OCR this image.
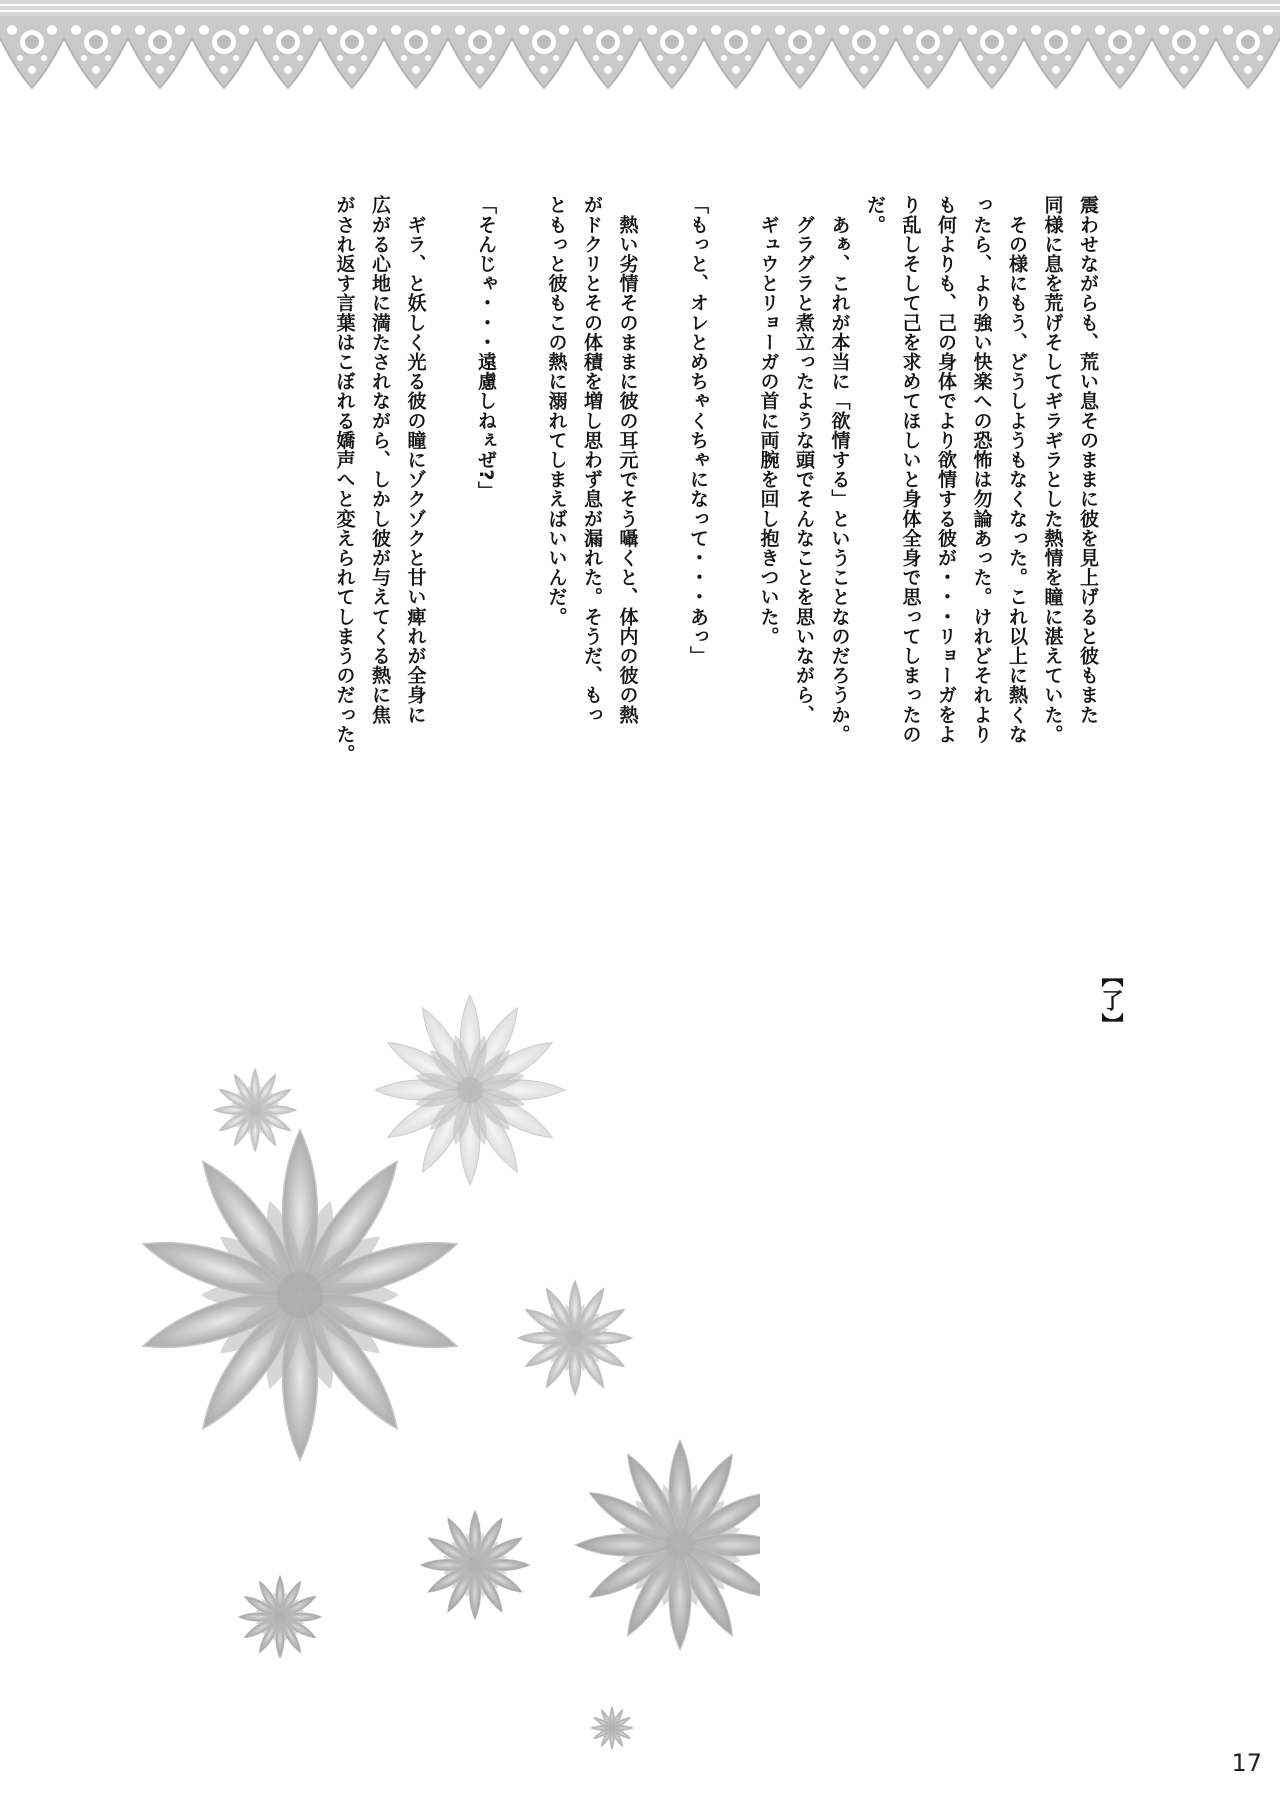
震わせながらも、荒い息そのままに彼を見上げると彼もまた
同様に息を荒げそしてギラギラとした熱情を瞳に湛えていた。
　その様にもう、どうしようもなくなった。これ以上に熱くな
ったら、より強い快楽への恐怖は勿論あった。けれどそれより
も何よりも、己の身体でより欲情する彼が・・・リョーガをよ
り乱しそして己を求めてほしいと身体全身で思ってしまったの
だ。

　あぁ、これが本当に「欲情する」ということなのだろうか。
　グラグラと煮立ったような頭でそんなことを思いながら、
　ギュウとリョーガの首に両腕を回し抱きついた。

「もっと、オレとめちゃくちゃになって・・・あっ」

　熱い劣情そのままに彼の耳元でそう囁くと、体内の彼の熱
がドクリとその体積を増し思わず息が漏れた。そうだ、もっ
ともっと彼もこの熱に溺れてしまえばいいんだ。

「そんじゃ・・・遠慮しねぇぜ?」

　ギラ、と妖しく光る彼の瞳にゾクゾクと甘い痺れが全身に
広がる心地に満たされながら、しかし彼が与えてくる熱に焦
がされ返す言葉はこぼれる嬌声へと変えられてしまうのだった。

【了】
17
